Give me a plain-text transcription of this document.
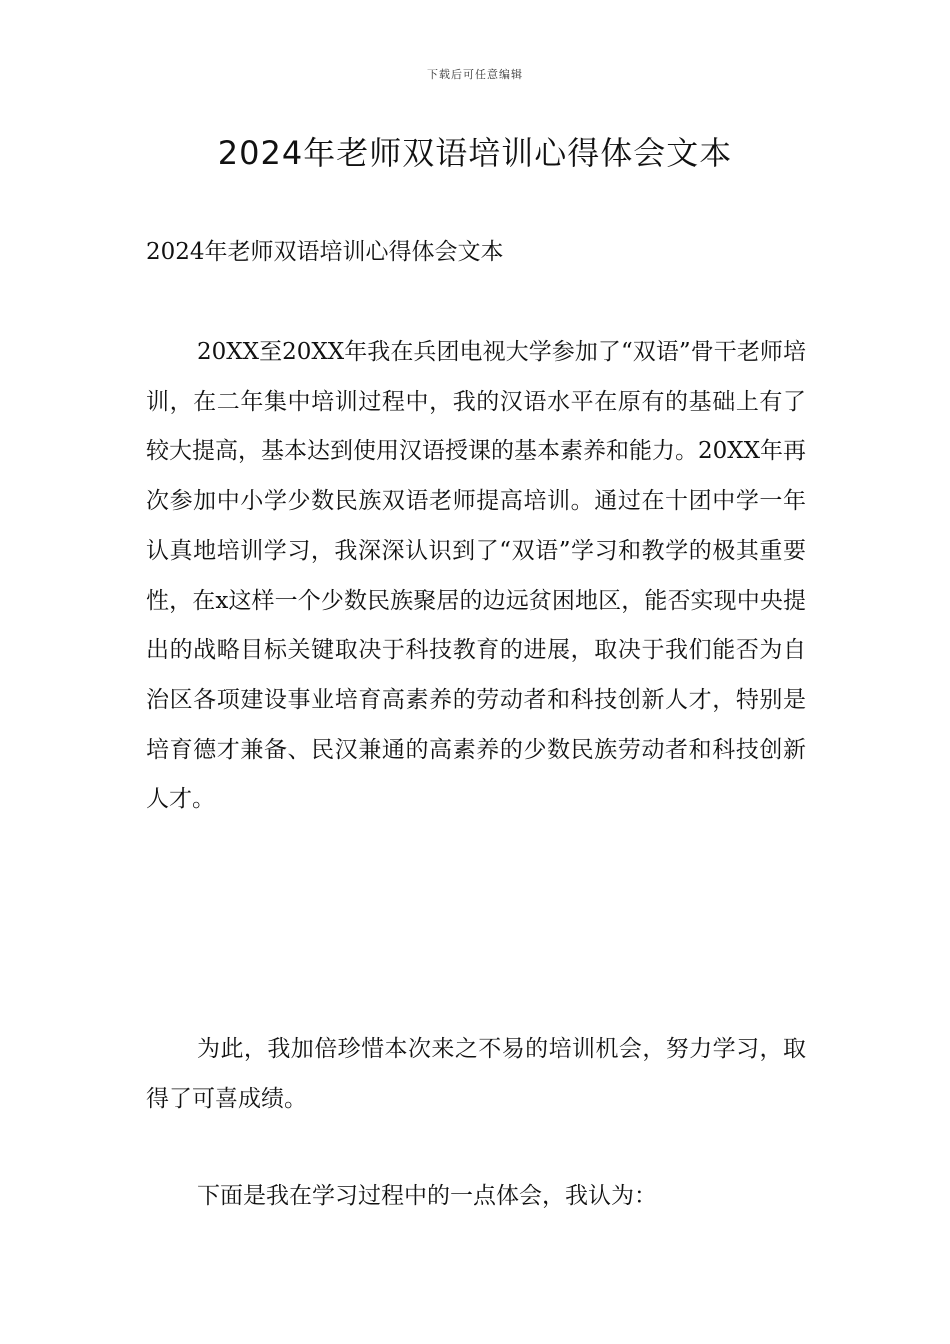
下载后可任意编辑
2024年老师双语培训心得体会文本

2024年老师双语培训心得体会文本

20XX至20XX年我在兵团电视大学参加了“双语”骨干老师培训，在二年集中培训过程中，我的汉语水平在原有的基础上有了较大提高，基本达到使用汉语授课的基本素养和能力。20XX年再次参加中小学少数民族双语老师提高培训。通过在十团中学一年认真地培训学习，我深深认识到了“双语”学习和教学的极其重要性，在x这样一个少数民族聚居的边远贫困地区，能否实现中央提出的战略目标关键取决于科技教育的进展，取决于我们能否为自治区各项建设事业培育高素养的劳动者和科技创新人才，特别是培育德才兼备、民汉兼通的高素养的少数民族劳动者和科技创新人才。

为此，我加倍珍惜本次来之不易的培训机会，努力学习，取得了可喜成绩。

下面是我在学习过程中的一点体会，我认为：
